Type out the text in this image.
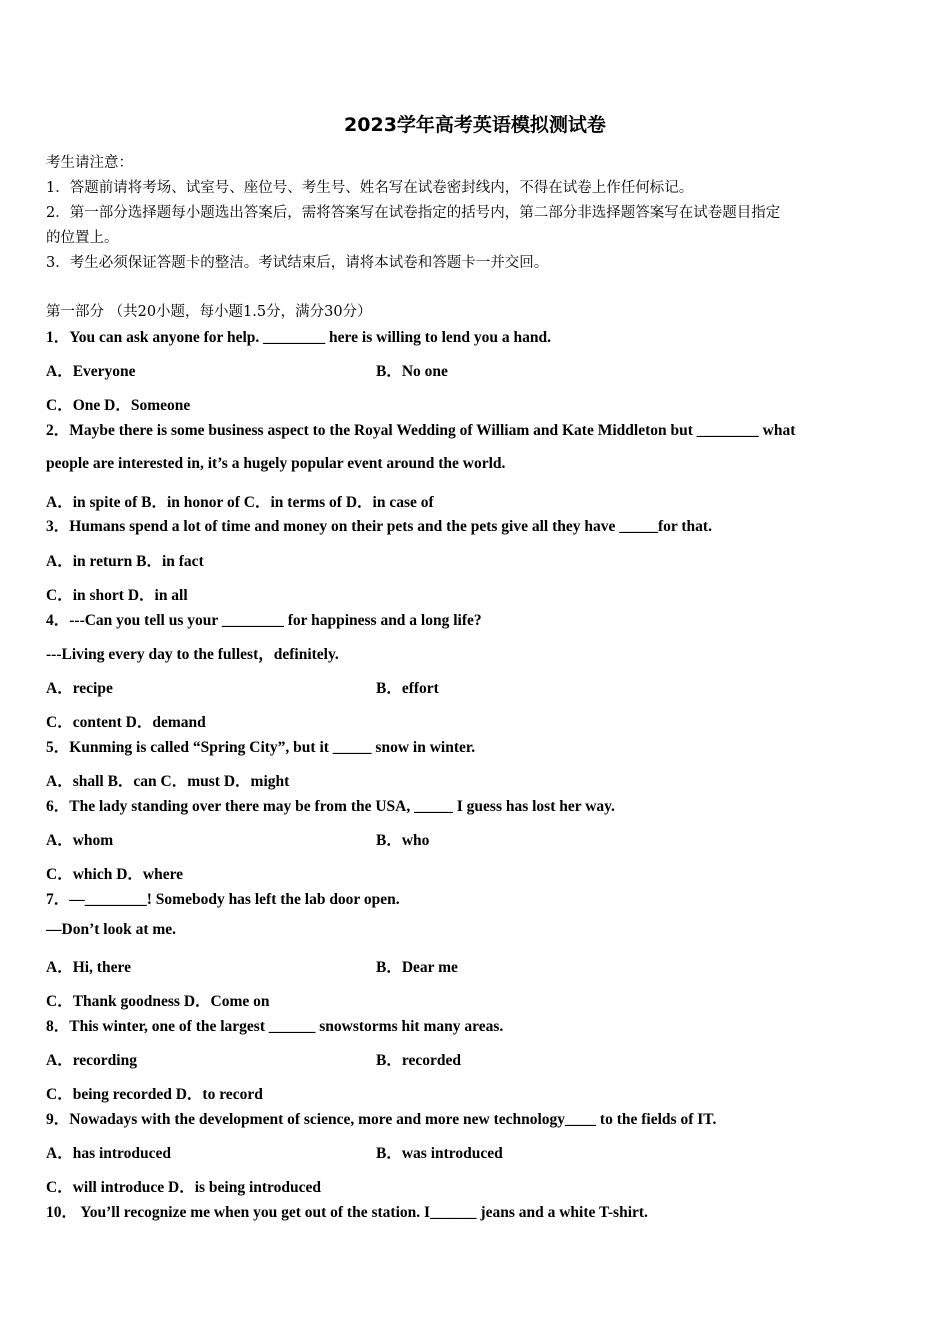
2023学年高考英语模拟测试卷
考生请注意：
1．答题前请将考场、试室号、座位号、考生号、姓名写在试卷密封线内，不得在试卷上作任何标记。
2．第一部分选择题每小题选出答案后，需将答案写在试卷指定的括号内，第二部分非选择题答案写在试卷题目指定
的位置上。
3．考生必须保证答题卡的整洁。考试结束后，请将本试卷和答题卡一并交回。
第一部分 （共20小题，每小题1.5分，满分30分）
1．You can ask anyone for help. ________ here is willing to lend you a hand.
A．Everyone	B．No one
C．One D．Someone
2．Maybe there is some business aspect to the Royal Wedding of William and Kate Middleton but ________ what
people are interested in, it’s a hugely popular event around the world.
A．in spite of B．in honor of C．in terms of D．in case of
3．Humans spend a lot of time and money on their pets and the pets give all they have _____for that.
A．in return B．in fact
C．in short D．in all
4．---Can you tell us your ________ for happiness and a long life?
---Living every day to the fullest，definitely.
A．recipe	B．effort
C．content D．demand
5．Kunming is called “Spring City”, but it _____ snow in winter.
A．shall B．can C．must D．might
6．The lady standing over there may be from the USA, _____ I guess has lost her way.
A．whom	B．who
C．which D．where
7．—________! Somebody has left the lab door open.
—Don’t look at me.
A．Hi, there	B．Dear me
C．Thank goodness D．Come on
8．This winter, one of the largest ______ snowstorms hit many areas.
A．recording	B．recorded
C．being recorded D．to record
9．Nowadays with the development of science, more and more new technology____ to the fields of IT.
A．has introduced	B．was introduced
C．will introduce D．is being introduced
10． You’ll recognize me when you get out of the station. I______ jeans and a white T-shirt.
